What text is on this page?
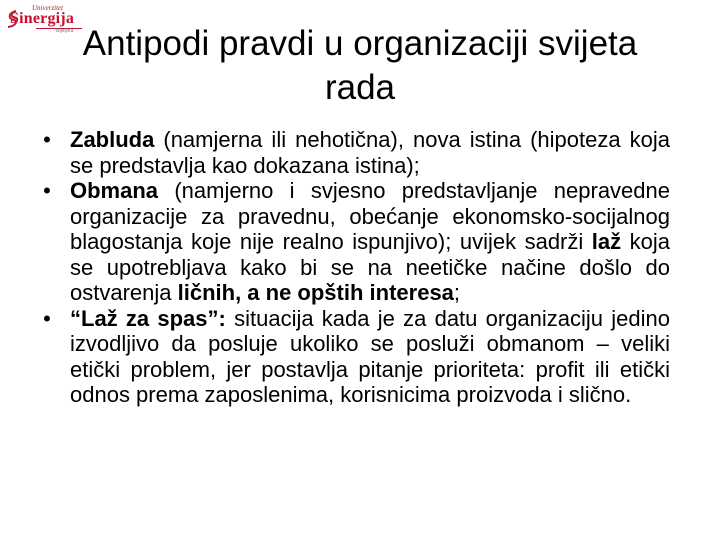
Univerzitet
Sinergija
Bijeljina Antipodi pravdi u organizaciji svijeta
rada
• Zabluda (namjerna ili nehotična), nova istina (hipoteza koja se predstavlja kao dokazana istina);
• Obmana (namjerno i svjesno predstavljanje nepravedne organizacije za pravednu, obećanje ekonomsko-socijalnog blagostanja koje nije realno ispunjivo); uvijek sadrži laž koja se upotrebljava kako bi se na neetičke načine došlo do ostvarenja ličnih, a ne opštih interesa;
• “Laž za spas”: situacija kada je za datu organizaciju jedino izvodljivo da posluje ukoliko se posluži obmanom – veliki etički problem, jer postavlja pitanje prioriteta: profit ili etički odnos prema zaposlenima, korisnicima proizvoda i slično.
